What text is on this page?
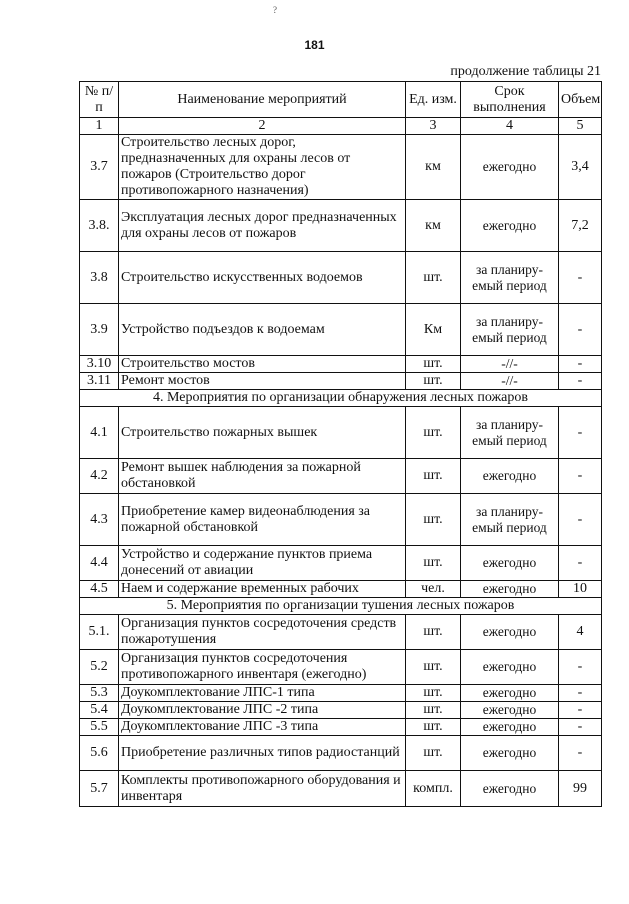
?
181
продолжение таблицы 21
№ п/п	Наименование мероприятий	Ед. изм.	Срок выполнения	Объем
1	2	3	4	5
3.7	Строительство лесных дорог, предназначенных для охраны лесов от пожаров (Строительство дорог противопожарного назначения)	км	ежегодно	3,4
3.8.	Эксплуатация лесных дорог предназначенных для охраны лесов от пожаров	км	ежегодно	7,2
3.8	Строительство искусственных водоемов	шт.	за планиру-емый период	-
3.9	Устройство подъездов к водоемам	Км	за планиру-емый период	-
3.10	Строительство мостов	шт.	-//-	-
3.11	Ремонт мостов	шт.	-//-	-
4. Мероприятия по организации обнаружения лесных пожаров				
4.1	Строительство пожарных вышек	шт.	за планиру-емый период	-
4.2	Ремонт вышек наблюдения за пожарной обстановкой	шт.	ежегодно	-
4.3	Приобретение камер видеонаблюдения за пожарной обстановкой	шт.	за планиру-емый период	-
4.4	Устройство и содержание пунктов приема донесений от авиации	шт.	ежегодно	-
4.5	Наем и содержание временных рабочих	чел.	ежегодно	10
5. Мероприятия по организации тушения лесных пожаров				
5.1.	Организация пунктов сосредоточения средств пожаротушения	шт.	ежегодно	4
5.2	Организация пунктов сосредоточения противопожарного инвентаря (ежегодно)	шт.	ежегодно	-
5.3	Доукомплектование ЛПС-1 типа	шт.	ежегодно	-
5.4	Доукомплектование ЛПС -2 типа	шт.	ежегодно	-
5.5	Доукомплектование ЛПС -3 типа	шт.	ежегодно	-
5.6	Приобретение различных типов радиостанций	шт.	ежегодно	-
5.7	Комплекты противопожарного оборудования и инвентаря	компл.	ежегодно	99
